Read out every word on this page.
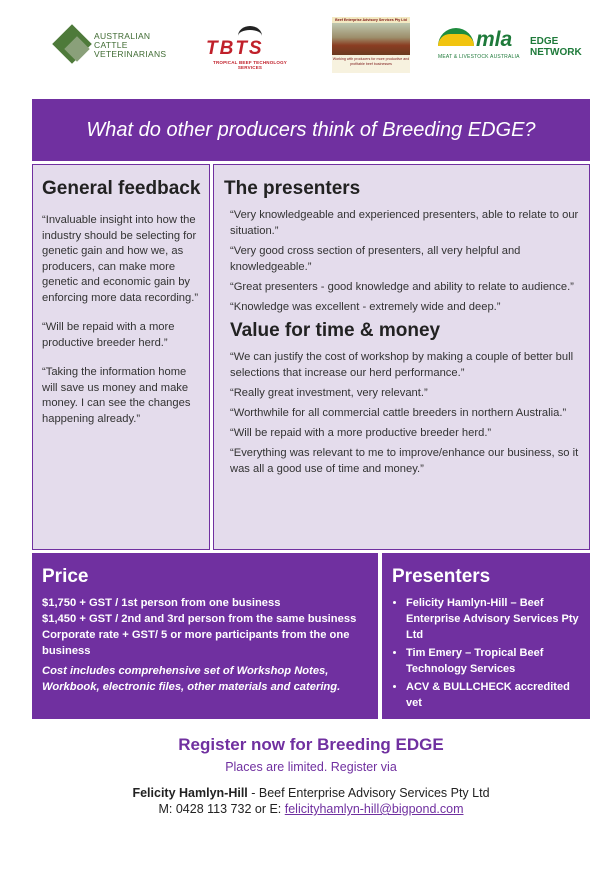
AUSTRALIAN
CATTLE
VETERINARIANS TBTS
TROPICAL BEEF TECHNOLOGY SERVICES
Beef Enterprise Advisory Services Pty Ltd
Working with producers for more productive and profitable beef businesses
mla
MEAT & LIVESTOCK AUSTRALIA
EDGE
NETWORK
What do other producers think of Breeding EDGE?
General feedback

“Invaluable insight into how the industry should be selecting for genetic gain and how we, as producers, can make more genetic and economic gain by enforcing more data recording.”

“Will be repaid with a more productive breeder herd.”

“Taking the information home will save us money and make money. I can see the changes happening already.”

The presenters

“Very knowledgeable and experienced presenters, able to relate to our situation.”

“Very good cross section of presenters, all very helpful and knowledgeable.”

“Great presenters - good knowledge and ability to relate to audience.”

“Knowledge was excellent - extremely wide and deep.”

Value for time & money

“We can justify the cost of workshop by making a couple of better bull selections that increase our herd performance.”

“Really great investment, very relevant.”

“Worthwhile for all commercial cattle breeders in northern Australia.”

“Will be repaid with a more productive breeder herd.”

“Everything was relevant to me to improve/enhance our business, so it was all a good use of time and money.”

Price

$1,750 + GST / 1st person from one business

$1,450 + GST / 2nd and 3rd person from the same business

Corporate rate + GST/ 5 or more participants from the one business

Cost includes comprehensive set of Workshop Notes, Workbook, electronic files, other materials and catering.

Presenters
• Felicity Hamlyn-Hill – Beef Enterprise Advisory Services Pty Ltd
• Tim Emery – Tropical Beef Technology Services
• ACV & BULLCHECK accredited vet
Register now for Breeding EDGE
Places are limited. Register via
Felicity Hamlyn-Hill - Beef Enterprise Advisory Services Pty Ltd
M: 0428 113 732 or E: felicityhamlyn-hill@bigpond.com
